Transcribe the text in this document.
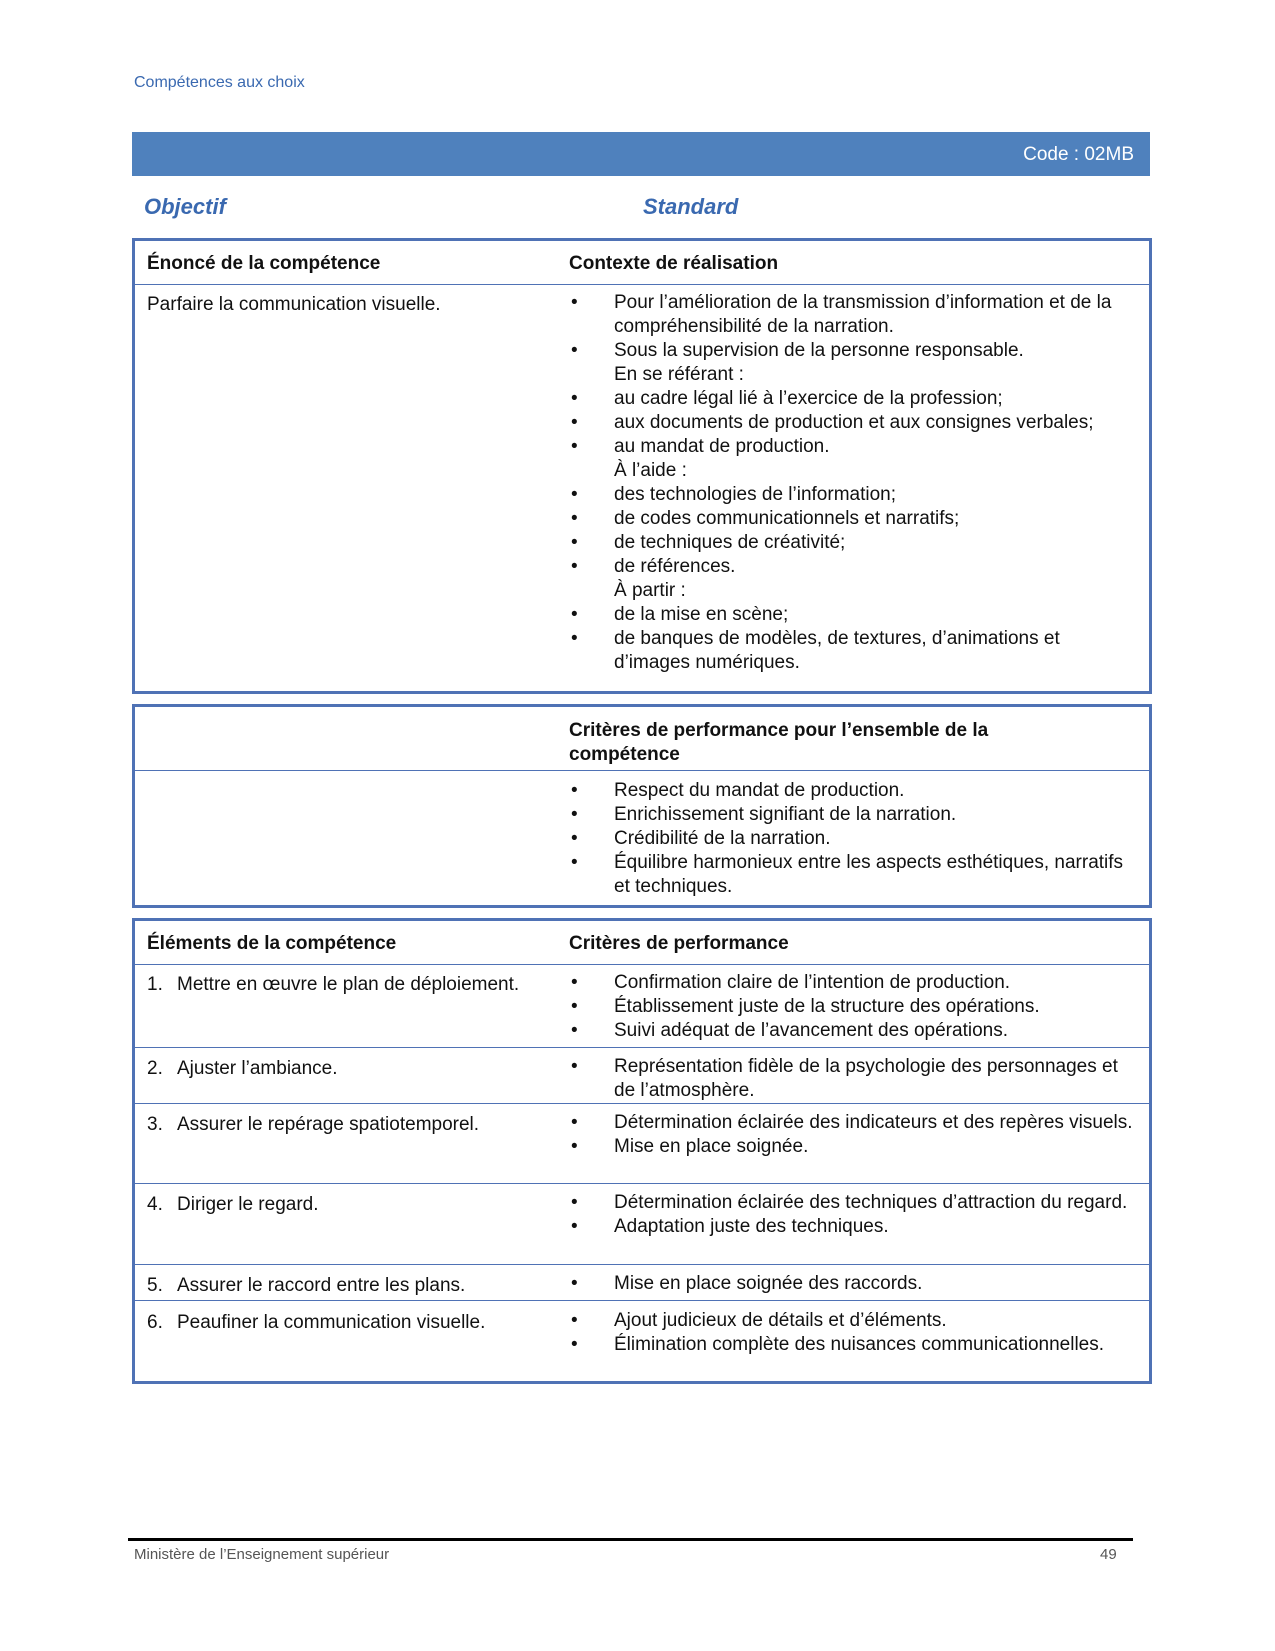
Compétences aux choix
Code : 02MB
Objectif	Standard
Énoncé de la compétence	Contexte de réalisation
Parfaire la communication visuelle.	• Pour l’amélioration de la transmission d’information et de la compréhensibilité de la narration.
• Sous la supervision de la personne responsable.
En se référant :
• au cadre légal lié à l’exercice de la profession;
• aux documents de production et aux consignes verbales;
• au mandat de production.
À l’aide :
• des technologies de l’information;
• de codes communicationnels et narratifs;
• de techniques de créativité;
• de références.
À partir :
• de la mise en scène;
• de banques de modèles, de textures, d’animations et d’images numériques.
Critères de performance pour l’ensemble de la compétence
• Respect du mandat de production.
• Enrichissement signifiant de la narration.
• Crédibilité de la narration.
• Équilibre harmonieux entre les aspects esthétiques, narratifs et techniques.
Éléments de la compétence	Critères de performance
1. Mettre en œuvre le plan de déploiement.	• Confirmation claire de l’intention de production.
• Établissement juste de la structure des opérations.
• Suivi adéquat de l’avancement des opérations.
2. Ajuster l’ambiance.	• Représentation fidèle de la psychologie des personnages et de l’atmosphère.
3. Assurer le repérage spatiotemporel.	• Détermination éclairée des indicateurs et des repères visuels.
• Mise en place soignée.
4. Diriger le regard.	• Détermination éclairée des techniques d’attraction du regard.
• Adaptation juste des techniques.
5. Assurer le raccord entre les plans.	• Mise en place soignée des raccords.
6. Peaufiner la communication visuelle.	• Ajout judicieux de détails et d’éléments.
• Élimination complète des nuisances communicationnelles.
Ministère de l’Enseignement supérieur	49
